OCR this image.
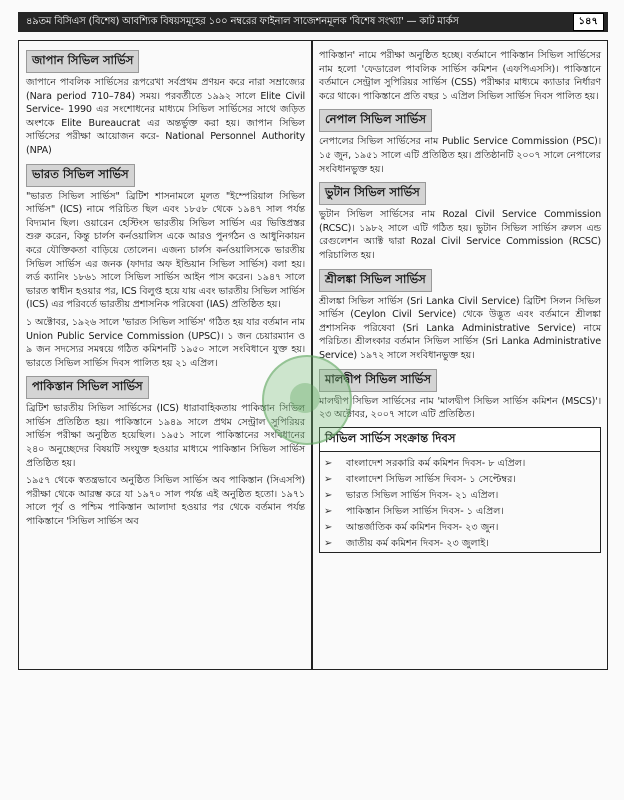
৪৯তম বিসিএস (বিশেষ) আবশ্যিক বিষয়সমূহের ১০০ নম্বরের ফাইনাল সাজেশনমূলক 'বিশেষ সংখ্যা' — কাট মার্কস	১৪৭
জাপান সিভিল সার্ভিস

জাপানে পাবলিক সার্ভিসের রূপরেখা সর্বপ্রথম প্রণয়ন করে নারা সম্রাজ্যের (Nara period 710–784) সময়। পরবর্তীতে ১৯৯২ সালে Elite Civil Service- 1990 এর সংশোধনের মাধ্যমে সিভিল সার্ভিসের সাথে জড়িত অংশকে Elite Bureaucrat এর অন্তর্ভুক্ত করা হয়। জাপান সিভিল সার্ভিসের পরীক্ষা আয়োজন করে- National Personnel Authority (NPA)

ভারত সিভিল সার্ভিস

"ভারত সিভিল সার্ভিস" ব্রিটিশ শাসনামলে মূলত "ইম্পেরিয়াল সিভিল সার্ভিস" (ICS) নামে পরিচিত ছিল এবং ১৮৫৮ থেকে ১৯৪৭ সাল পর্যন্ত বিদ্যমান ছিল। ওয়ারেন হেস্টিংস ভারতীয় সিভিল সার্ভিস এর ভিত্তিপ্রস্তর শুরু করেন, কিন্তু চার্লস কর্নওয়ালিস একে আরও পুনর্গঠন ও আধুনিকায়ন করে যৌক্তিকতা বাড়িয়ে তোলেন। এজন্য চার্লস কর্নওয়ালিসকে ভারতীয় সিভিল সার্ভিস এর জনক (ফাদার অফ ইন্ডিয়ান সিভিল সার্ভিস) বলা হয়। লর্ড ক্যানিং ১৮৬১ সালে সিভিল সার্ভিস আইন পাস করেন। ১৯৪৭ সালে ভারত স্বাধীন হওয়ার পর, ICS বিলুপ্ত হয়ে যায় এবং ভারতীয় সিভিল সার্ভিস (ICS) এর পরিবর্তে ভারতীয় প্রশাসনিক পরিষেবা (IAS) প্রতিষ্ঠিত হয়।

১ অক্টোবর, ১৯২৬ সালে 'ভারত সিভিল সার্ভিস' গঠিত হয় যার বর্তমান নাম Union Public Service Commission (UPSC)। ১ জন চেয়ারম্যান ও ৯ জন সদস্যের সমন্বয়ে গঠিত কমিশনটি ১৯৫০ সালে সংবিধানে যুক্ত হয়। ভারতে সিভিল সার্ভিস দিবস পালিত হয় ২১ এপ্রিল।

পাকিস্তান সিভিল সার্ভিস

ব্রিটিশ ভারতীয় সিভিল সার্ভিসের (ICS) ধারাবাহিকতায় পাকিস্তান সিভিল সার্ভিস প্রতিষ্ঠিত হয়। পাকিস্তানে ১৯৪৯ সালে প্রথম সেন্ট্রাল সুপিরিয়র সার্ভিস পরীক্ষা অনুষ্ঠিত হয়েছিল। ১৯৫১ সালে পাকিস্তানের সংবিধানের ২৪০ অনুচ্ছেদের বিষয়টি সংযুক্ত হওয়ার মাধ্যমে পাকিস্তান সিভিল সার্ভিস প্রতিষ্ঠিত হয়।

১৯৫৭ থেকে স্বতন্ত্রভাবে অনুষ্ঠিত সিভিল সার্ভিস অব পাকিস্তান (সিএসপি) পরীক্ষা থেকে আরম্ভ করে যা ১৯৭০ সাল পর্যন্ত এই অনুষ্ঠিত হতো। ১৯৭১ সালে পূর্ব ও পশ্চিম পাকিস্তান আলাদা হওয়ার পর থেকে বর্তমান পর্যন্ত পাকিস্তানে 'সিভিল সার্ভিস অব

পাকিস্তান' নামে পরীক্ষা অনুষ্ঠিত হচ্ছে। বর্তমানে পাকিস্তান সিভিল সার্ভিসের নাম হলো 'ফেডারেল পাবলিক সার্ভিস কমিশন (এফপিএসসি)। পাকিস্তানে বর্তমানে সেন্ট্রাল সুপিরিয়র সার্ভিস (CSS) পরীক্ষার মাধ্যমে ক্যাডার নির্ধারণ করে থাকে। পাকিস্তানে প্রতি বছর ১ এপ্রিল সিভিল সার্ভিস দিবস পালিত হয়।

নেপাল সিভিল সার্ভিস

নেপালের সিভিল সার্ভিসের নাম Public Service Commission (PSC)। ১৫ জুন, ১৯৫১ সালে এটি প্রতিষ্ঠিত হয়। প্রতিষ্ঠানটি ২০০৭ সালে নেপালের সংবিধানভুক্ত হয়।

ভুটান সিভিল সার্ভিস

ভুটান সিভিল সার্ভিসের নাম Rozal Civil Service Commission (RCSC)। ১৯৮২ সালে এটি গঠিত হয়। ভুটান সিভিল সার্ভিস রুলস এন্ড রেগুলেশন অ্যাক্ট দ্বারা Rozal Civil Service Commission (RCSC) পরিচালিত হয়।

শ্রীলঙ্কা সিভিল সার্ভিস

শ্রীলঙ্কা সিভিল সার্ভিস (Sri Lanka Civil Service) ব্রিটিশ সিলন সিভিল সার্ভিস (Ceylon Civil Service) থেকে উদ্ভূত এবং বর্তমানে শ্রীলঙ্কা প্রশাসনিক পরিষেবা (Sri Lanka Administrative Service) নামে পরিচিত। শ্রীলংকার বর্তমান সিভিল সার্ভিস (Sri Lanka Administrative Service) ১৯৭২ সালে সংবিধানভুক্ত হয়।

মালদ্বীপ সিভিল সার্ভিস

মালদ্বীপ সিভিল সার্ভিসের নাম 'মালদ্বীপ সিভিল সার্ভিস কমিশন (MSCS)'। ২৩ অক্টোবর, ২০০৭ সালে এটি প্রতিষ্ঠিত।

সিভিল সার্ভিস সংক্রান্ত দিবস
➢	বাংলাদেশ সরকারি কর্ম কমিশন দিবস- ৮ এপ্রিল।
➢	বাংলাদেশ সিভিল সার্ভিস দিবস- ১ সেপ্টেম্বর।
➢	ভারত সিভিল সার্ভিস দিবস- ২১ এপ্রিল।
➢	পাকিস্তান সিভিল সার্ভিস দিবস- ১ এপ্রিল।
➢	আন্তর্জাতিক কর্ম কমিশন দিবস- ২৩ জুন।
➢	জাতীয় কর্ম কমিশন দিবস- ২৩ জুলাই।
